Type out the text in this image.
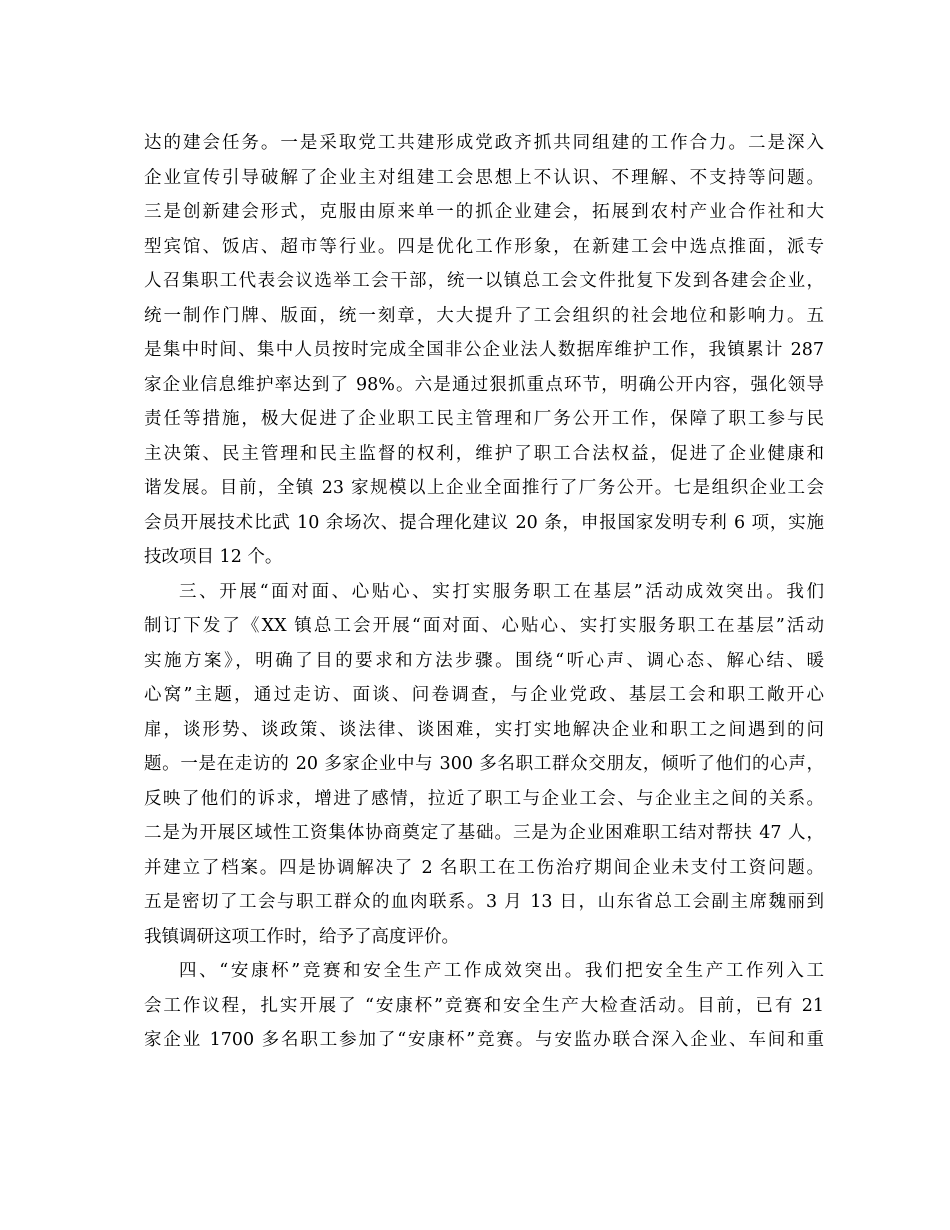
达的建会任务。一是采取党工共建形成党政齐抓共同组建的工作合力。二是深入
企业宣传引导破解了企业主对组建工会思想上不认识、不理解、不支持等问题。
三是创新建会形式，克服由原来单一的抓企业建会，拓展到农村产业合作社和大
型宾馆、饭店、超市等行业。四是优化工作形象，在新建工会中选点推面，派专
人召集职工代表会议选举工会干部，统一以镇总工会文件批复下发到各建会企业，
统一制作门牌、版面，统一刻章，大大提升了工会组织的社会地位和影响力。五
是集中时间、集中人员按时完成全国非公企业法人数据库维护工作，我镇累计 287
家企业信息维护率达到了 98%。六是通过狠抓重点环节，明确公开内容，强化领导
责任等措施，极大促进了企业职工民主管理和厂务公开工作，保障了职工参与民
主决策、民主管理和民主监督的权利，维护了职工合法权益，促进了企业健康和
谐发展。目前，全镇 23 家规模以上企业全面推行了厂务公开。七是组织企业工会
会员开展技术比武 10 余场次、提合理化建议 20 条，申报国家发明专利 6 项，实施
技改项目 12 个。
三、开展“面对面、心贴心、实打实服务职工在基层”活动成效突出。我们
制订下发了《XX 镇总工会开展“面对面、心贴心、实打实服务职工在基层”活动
实施方案》，明确了目的要求和方法步骤。围绕“听心声、调心态、解心结、暖
心窝”主题，通过走访、面谈、问卷调查，与企业党政、基层工会和职工敞开心
扉，谈形势、谈政策、谈法律、谈困难，实打实地解决企业和职工之间遇到的问
题。一是在走访的 20 多家企业中与 300 多名职工群众交朋友，倾听了他们的心声，
反映了他们的诉求，增进了感情，拉近了职工与企业工会、与企业主之间的关系。
二是为开展区域性工资集体协商奠定了基础。三是为企业困难职工结对帮扶 47 人，
并建立了档案。四是协调解决了 2 名职工在工伤治疗期间企业未支付工资问题。
五是密切了工会与职工群众的血肉联系。3 月 13 日，山东省总工会副主席魏丽到
我镇调研这项工作时，给予了高度评价。
四、“安康杯”竞赛和安全生产工作成效突出。我们把安全生产工作列入工
会工作议程，扎实开展了 “安康杯”竞赛和安全生产大检查活动。目前，已有 21
家企业 1700 多名职工参加了“安康杯”竞赛。与安监办联合深入企业、车间和重
